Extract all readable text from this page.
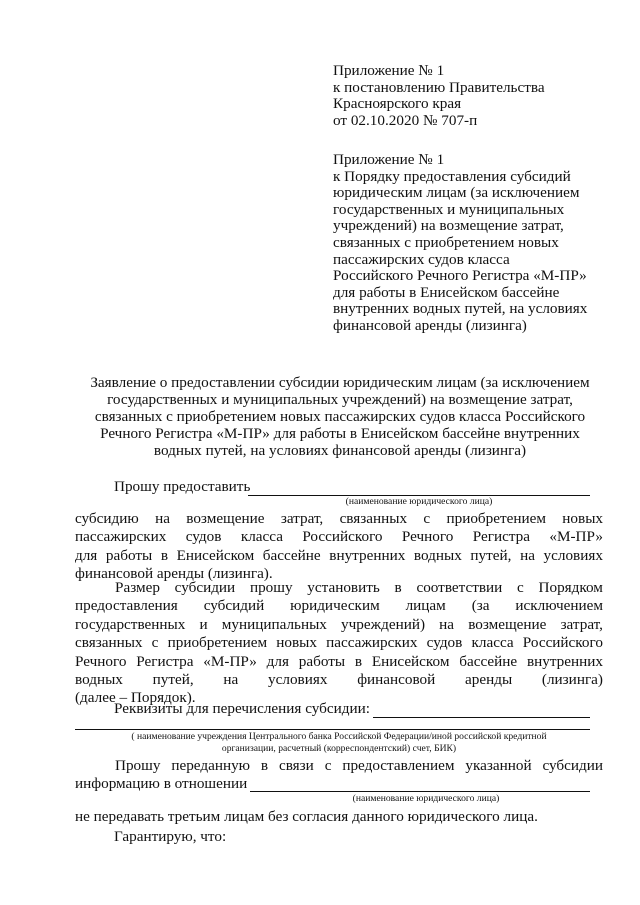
Приложение № 1
к постановлению Правительства
Красноярского края
от 02.10.2020 № 707-п
Приложение № 1
к Порядку предоставления субсидий
юридическим лицам (за исключением
государственных и муниципальных
учреждений) на возмещение затрат,
связанных с приобретением новых
пассажирских судов класса
Российского Речного Регистра «М-ПР»
для работы в Енисейском бассейне
внутренних водных путей, на условиях
финансовой аренды (лизинга)
Заявление о предоставлении субсидии юридическим лицам (за исключением
государственных и муниципальных учреждений) на возмещение затрат,
связанных с приобретением новых пассажирских судов класса Российского
Речного Регистра «М-ПР» для работы в Енисейском бассейне внутренних
водных путей, на условиях финансовой аренды (лизинга)
Прошу предоставить
(наименование юридического лица)
субсидию на возмещение затрат, связанных с приобретением новых
пассажирских судов класса Российского Речного Регистра «М-ПР»
для работы в Енисейском бассейне внутренних водных путей, на условиях
финансовой аренды (лизинга).
Размер субсидии прошу установить в соответствии с Порядком
предоставления субсидий юридическим лицам (за исключением
государственных и муниципальных учреждений) на возмещение затрат,
связанных с приобретением новых пассажирских судов класса Российского
Речного Регистра «М-ПР» для работы в Енисейском бассейне внутренних
водных путей, на условиях финансовой аренды (лизинга)
(далее – Порядок).
Реквизиты для перечисления субсидии:
( наименование учреждения Центрального банка Российской Федерации/иной российской кредитной
организации, расчетный (корреспондентский) счет, БИК)
Прошу переданную в связи с предоставлением указанной субсидии
информацию в отношении
(наименование юридического лица)
не передавать третьим лицам без согласия данного юридического лица.
Гарантирую, что:
